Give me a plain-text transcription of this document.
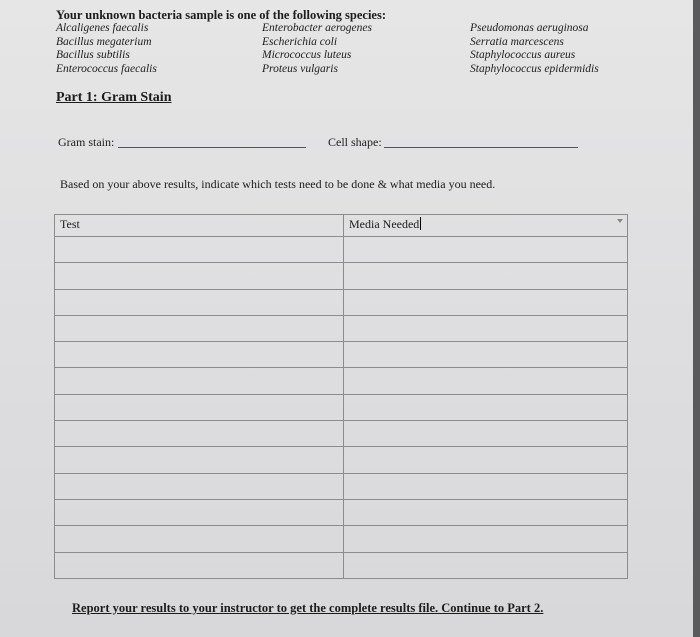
Your unknown bacteria sample is one of the following species:
Alcaligenes faecalis
Bacillus megaterium
Bacillus subtilis
Enterococcus faecalis
Enterobacter aerogenes
Escherichia coli
Micrococcus luteus
Proteus vulgaris
Pseudomonas aeruginosa
Serratia marcescens
Staphylococcus aureus
Staphylococcus epidermidis
Part 1: Gram Stain
Gram stain:	Cell shape:
Based on your above results, indicate which tests need to be done & what media you need.
Test	Media Needed

Report your results to your instructor to get the complete results file. Continue to Part 2.
